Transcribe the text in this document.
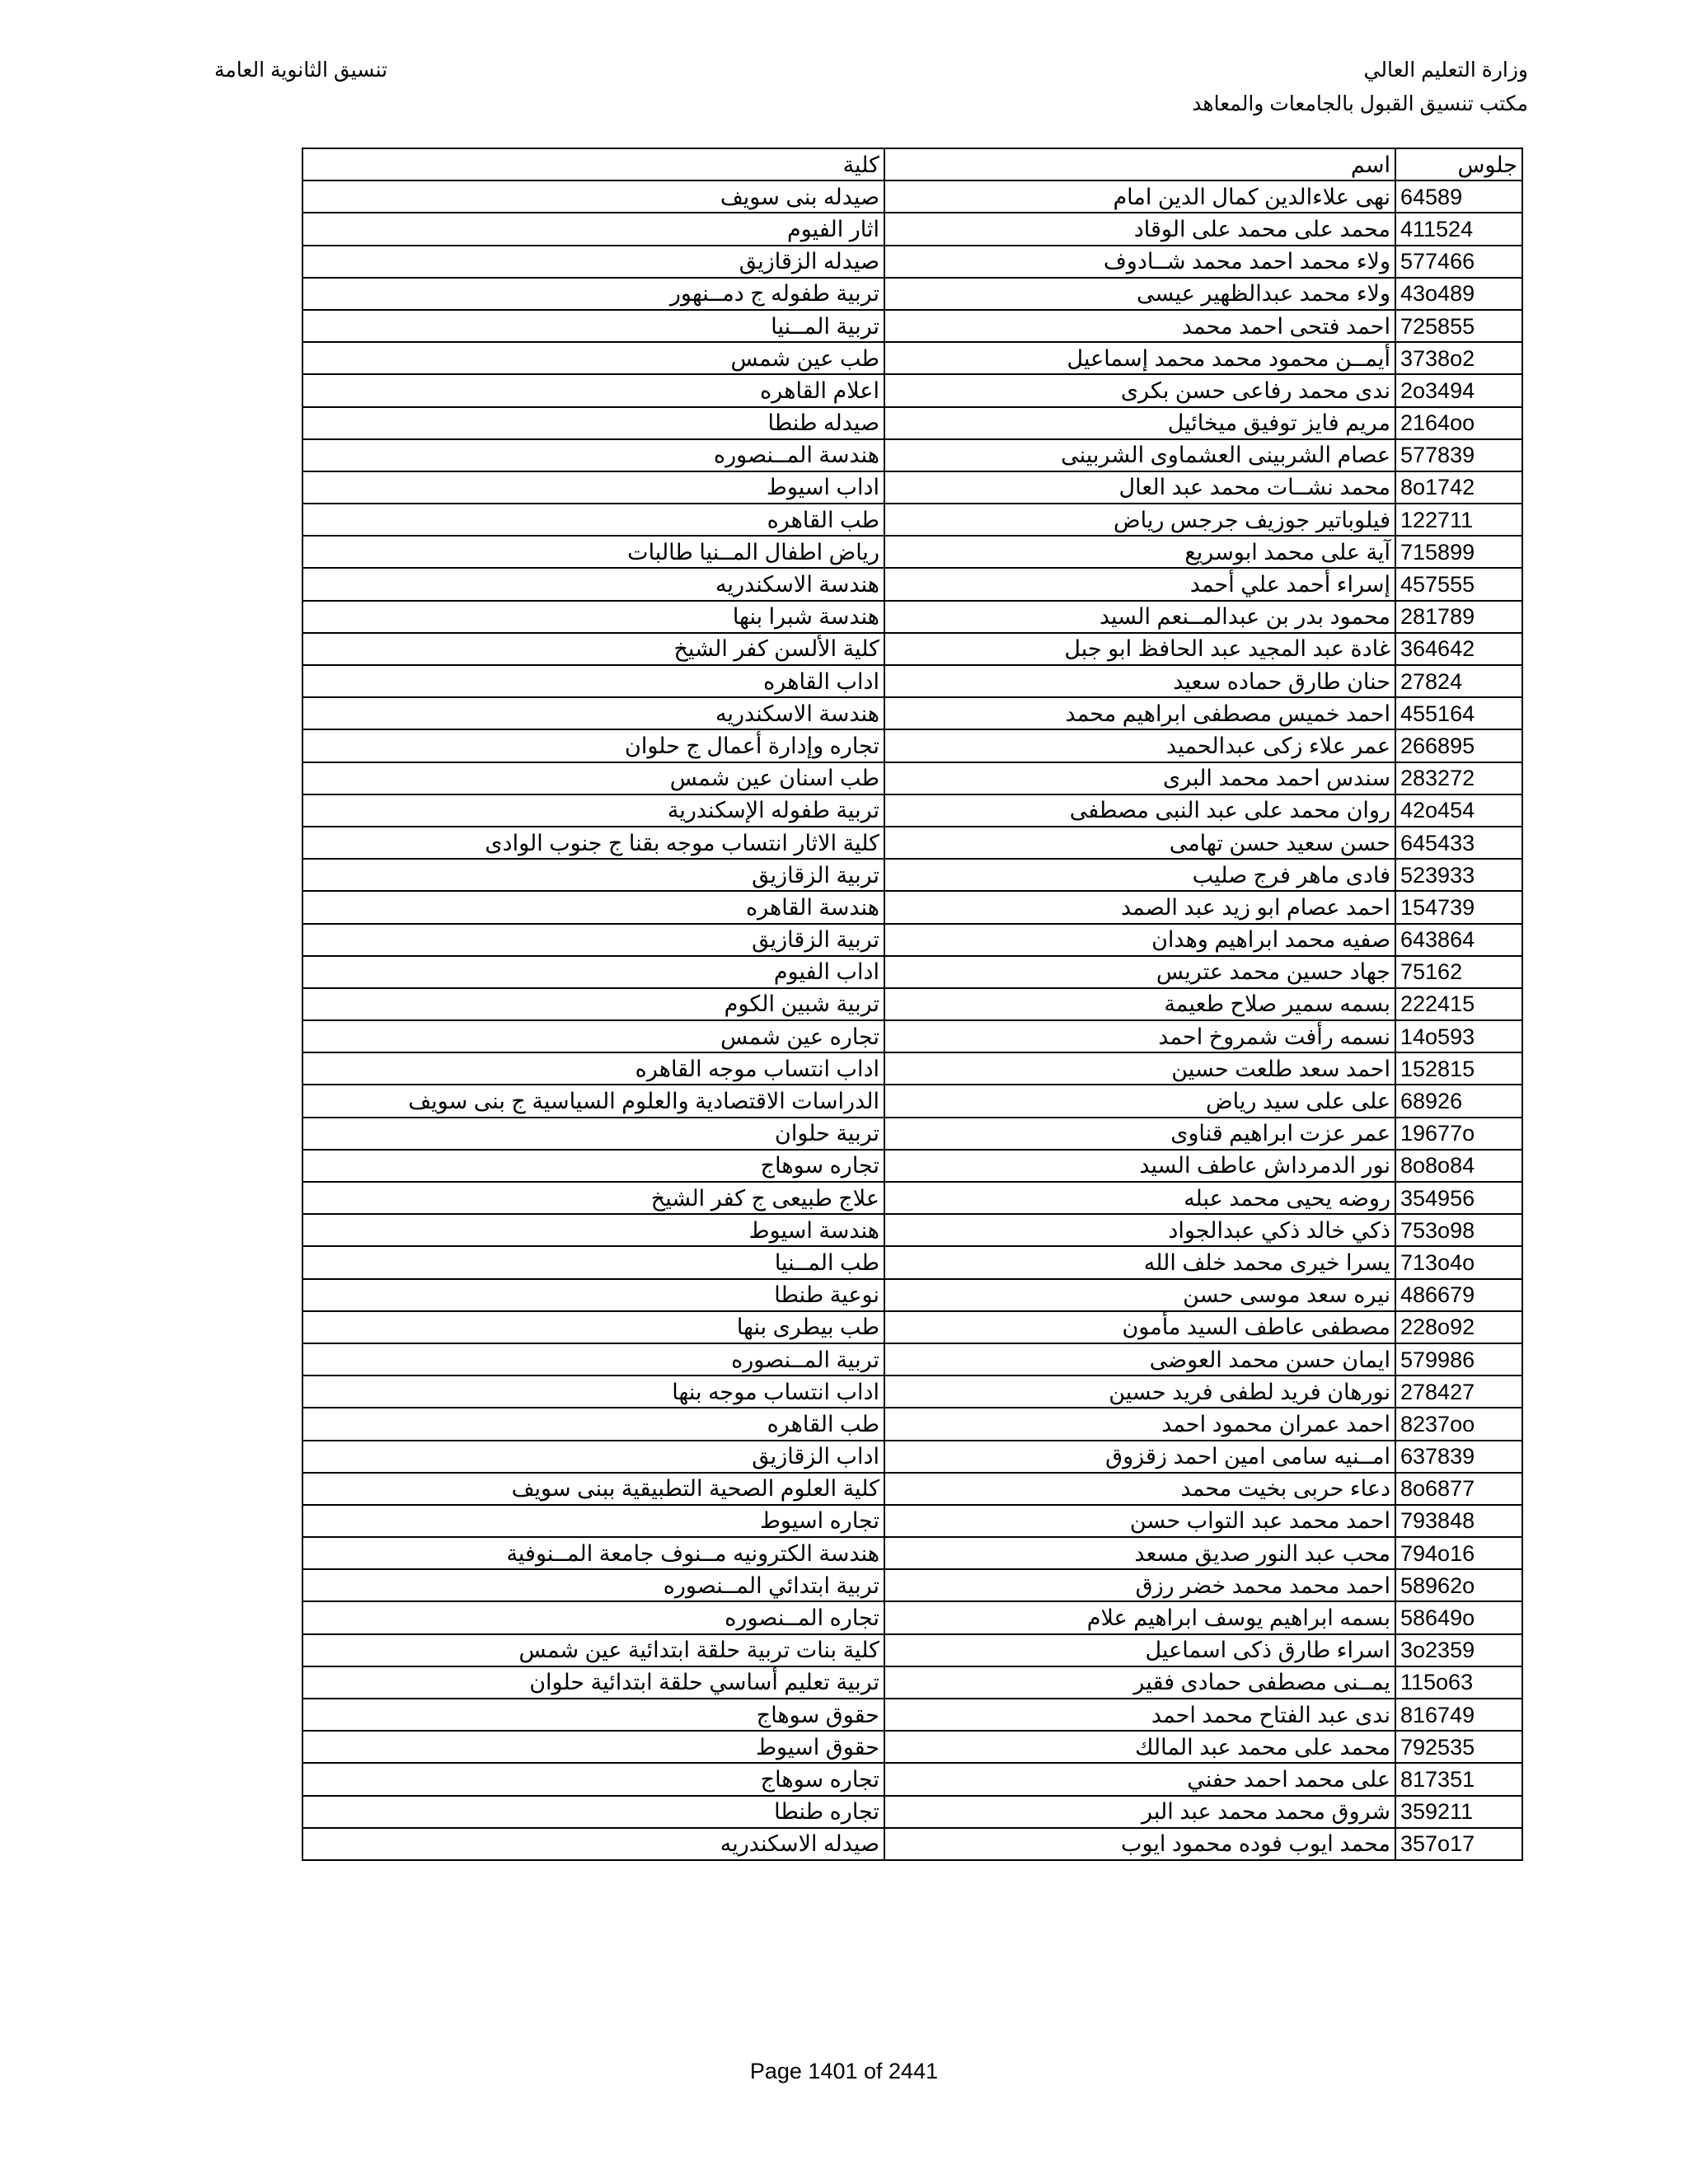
وزارة التعليم العالي
مكتب تنسيق القبول بالجامعات والمعاهد
تنسيق الثانوية العامة
كلية	اسم	جلوس
صيدله بنى سويف	نهى علاءالدين كمال الدين امام	64589
اثار الفيوم	محمد على محمد على الوقاد	411524
صيدله الزقازيق	ولاء محمد احمد محمد شــادوف	577466
تربية طفوله ج دمــنهور	ولاء محمد عبدالظهير عيسى	43o489
تربية المــنيا	احمد فتحى احمد محمد	725855
طب عين شمس	أيمــن محمود محمد محمد إسماعيل	3738o2
اعلام القاهره	ندى محمد رفاعى حسن بكرى	2o3494
صيدله طنطا	مريم فايز توفيق ميخائيل	2164oo
هندسة المــنصوره	عصام الشربينى العشماوى الشربينى	577839
اداب اسيوط	محمد نشــات محمد عبد العال	8o1742
طب القاهره	فيلوباتير جوزيف جرجس رياض	122711
رياض اطفال المــنيا طالبات	آية على محمد ابوسريع	715899
هندسة الاسكندريه	إسراء أحمد علي أحمد	457555
هندسة شبرا بنها	محمود بدر بن عبدالمــنعم السيد	281789
كلية الألسن كفر الشيخ	غادة عبد المجيد عبد الحافظ ابو جبل	364642
اداب القاهره	حنان طارق حماده سعيد	27824
هندسة الاسكندريه	احمد خميس مصطفى ابراهيم محمد	455164
تجاره وإدارة أعمال ج حلوان	عمر علاء زكى عبدالحميد	266895
طب اسنان عين شمس	سندس احمد محمد البرى	283272
تربية طفوله الإسكندرية	روان محمد على عبد النبى مصطفى	42o454
كلية الاثار انتساب موجه بقنا ج جنوب الوادى	حسن سعيد حسن تهامى	645433
تربية الزقازيق	فادى ماهر فرج صليب	523933
هندسة القاهره	احمد عصام ابو زيد عبد الصمد	154739
تربية الزقازيق	صفيه محمد ابراهيم وهدان	643864
اداب الفيوم	جهاد حسين محمد عتريس	75162
تربية شبين الكوم	بسمه سمير صلاح طعيمة	222415
تجاره عين شمس	نسمه رأفت شمروخ احمد	14o593
اداب انتساب موجه القاهره	احمد سعد طلعت حسين	152815
الدراسات الاقتصادية والعلوم السياسية ج بنى سويف	على على سيد رياض	68926
تربية حلوان	عمر عزت ابراهيم قناوى	19677o
تجاره سوهاج	نور الدمرداش عاطف السيد	8o8o84
علاج طبيعى ج كفر الشيخ	روضه يحيى محمد عبله	354956
هندسة اسيوط	ذكي خالد ذكي عبدالجواد	753o98
طب المــنيا	يسرا خيرى محمد خلف الله	713o4o
نوعية طنطا	نيره سعد موسى حسن	486679
طب بيطرى بنها	مصطفى عاطف السيد مأمون	228o92
تربية المــنصوره	ايمان حسن محمد العوضى	579986
اداب انتساب موجه بنها	نورهان فريد لطفى فريد حسين	278427
طب القاهره	احمد عمران محمود احمد	8237oo
اداب الزقازيق	امــنيه سامى امين احمد زقزوق	637839
كلية العلوم الصحية التطبيقية ببنى سويف	دعاء حربى بخيت محمد	8o6877
تجاره اسيوط	احمد محمد عبد التواب حسن	793848
هندسة الكترونيه مــنوف جامعة المــنوفية	محب عبد النور صديق مسعد	794o16
تربية ابتدائي المــنصوره	احمد محمد محمد خضر رزق	58962o
تجاره المــنصوره	بسمه ابراهيم يوسف ابراهيم علام	58649o
كلية بنات تربية حلقة ابتدائية عين شمس	اسراء طارق ذكى اسماعيل	3o2359
تربية تعليم أساسي حلقة ابتدائية حلوان	يمــنى مصطفى حمادى فقير	115o63
حقوق سوهاج	ندى عبد الفتاح محمد احمد	816749
حقوق اسيوط	محمد على محمد عبد المالك	792535
تجاره سوهاج	على محمد احمد حفني	817351
تجاره طنطا	شروق محمد محمد عبد البر	359211
صيدله الاسكندريه	محمد ايوب فوده محمود ايوب	357o17
Page 1401 of 2441
